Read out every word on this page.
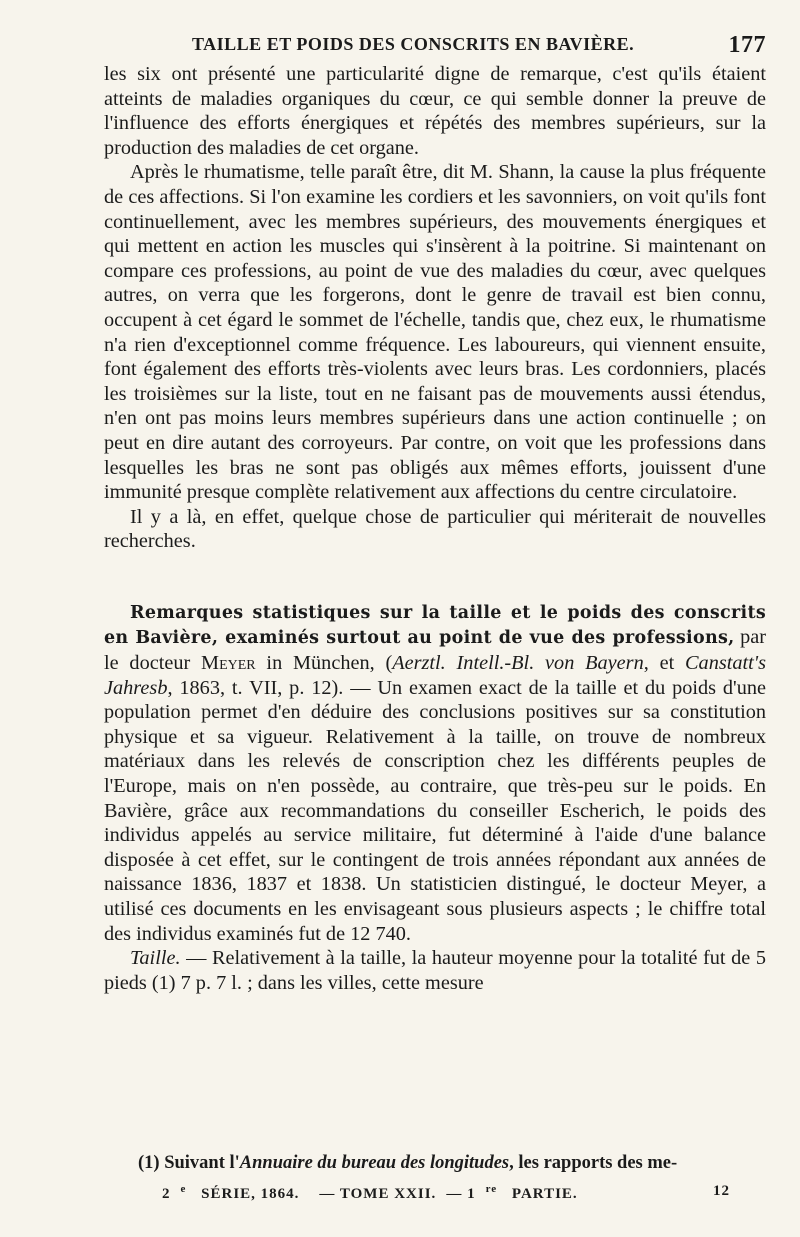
TAILLE ET POIDS DES CONSCRITS EN BAVIÈRE.	177

les six ont présenté une particularité digne de remarque, c'est qu'ils étaient atteints de maladies organiques du cœur, ce qui semble donner la preuve de l'influence des efforts énergiques et répétés des membres supérieurs, sur la production des maladies de cet organe.

Après le rhumatisme, telle paraît être, dit M. Shann, la cause la plus fréquente de ces affections. Si l'on examine les cordiers et les savonniers, on voit qu'ils font continuellement, avec les membres supérieurs, des mouvements énergiques et qui mettent en action les muscles qui s'insèrent à la poitrine. Si maintenant on compare ces professions, au point de vue des maladies du cœur, avec quelques autres, on verra que les forgerons, dont le genre de travail est bien connu, occupent à cet égard le sommet de l'échelle, tandis que, chez eux, le rhumatisme n'a rien d'exceptionnel comme fréquence. Les laboureurs, qui viennent ensuite, font également des efforts très-violents avec leurs bras. Les cordonniers, placés les troisièmes sur la liste, tout en ne faisant pas de mouvements aussi étendus, n'en ont pas moins leurs membres supérieurs dans une action continuelle ; on peut en dire autant des corroyeurs. Par contre, on voit que les professions dans lesquelles les bras ne sont pas obligés aux mêmes efforts, jouissent d'une immunité presque complète relativement aux affections du centre circulatoire.

Il y a là, en effet, quelque chose de particulier qui mériterait de nouvelles recherches.

Remarques statistiques sur la taille et le poids des conscrits en Bavière, examinés surtout au point de vue des professions, par le docteur Meyer in München, (Aerztl. Intell.-Bl. von Bayern, et Canstatt's Jahresb, 1863, t. VII, p. 12). — Un examen exact de la taille et du poids d'une population permet d'en déduire des conclusions positives sur sa constitution physique et sa vigueur. Relativement à la taille, on trouve de nombreux matériaux dans les relevés de conscription chez les différents peuples de l'Europe, mais on n'en possède, au contraire, que très-peu sur le poids. En Bavière, grâce aux recommandations du conseiller Escherich, le poids des individus appelés au service militaire, fut déterminé à l'aide d'une balance disposée à cet effet, sur le contingent de trois années répondant aux années de naissance 1836, 1837 et 1838. Un statisticien distingué, le docteur Meyer, a utilisé ces documents en les envisageant sous plusieurs aspects ; le chiffre total des individus examinés fut de 12 740.

Taille. — Relativement à la taille, la hauteur moyenne pour la totalité fut de 5 pieds (1) 7 p. 7 l. ; dans les villes, cette mesure

(1) Suivant l'Annuaire du bureau des longitudes, les rapports des me-
2 $^e$ SÉRIE, 1864. — TOME XXII. — 1 $^{re}$ PARTIE.	12
